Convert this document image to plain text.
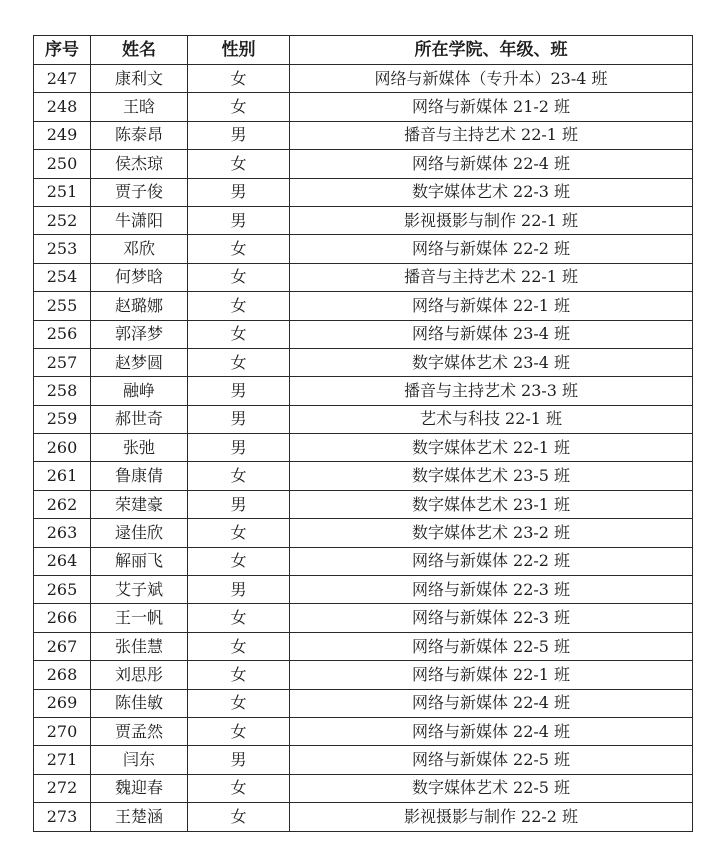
序号	姓名	性别	所在学院、年级、班
247	康利文	女	网络与新媒体（专升本）23-4 班
248	王晗	女	网络与新媒体 21-2 班
249	陈泰昂	男	播音与主持艺术 22-1 班
250	侯杰琼	女	网络与新媒体 22-4 班
251	贾子俊	男	数字媒体艺术 22-3 班
252	牛潇阳	男	影视摄影与制作 22-1 班
253	邓欣	女	网络与新媒体 22-2 班
254	何梦晗	女	播音与主持艺术 22-1 班
255	赵璐娜	女	网络与新媒体 22-1 班
256	郭泽梦	女	网络与新媒体 23-4 班
257	赵梦圆	女	数字媒体艺术 23-4 班
258	融峥	男	播音与主持艺术 23-3 班
259	郝世奇	男	艺术与科技 22-1 班
260	张弛	男	数字媒体艺术 22-1 班
261	鲁康倩	女	数字媒体艺术 23-5 班
262	荣建豪	男	数字媒体艺术 23-1 班
263	逯佳欣	女	数字媒体艺术 23-2 班
264	解丽飞	女	网络与新媒体 22-2 班
265	艾子斌	男	网络与新媒体 22-3 班
266	王一帆	女	网络与新媒体 22-3 班
267	张佳慧	女	网络与新媒体 22-5 班
268	刘思彤	女	网络与新媒体 22-1 班
269	陈佳敏	女	网络与新媒体 22-4 班
270	贾孟然	女	网络与新媒体 22-4 班
271	闫东	男	网络与新媒体 22-5 班
272	魏迎春	女	数字媒体艺术 22-5 班
273	王楚涵	女	影视摄影与制作 22-2 班
